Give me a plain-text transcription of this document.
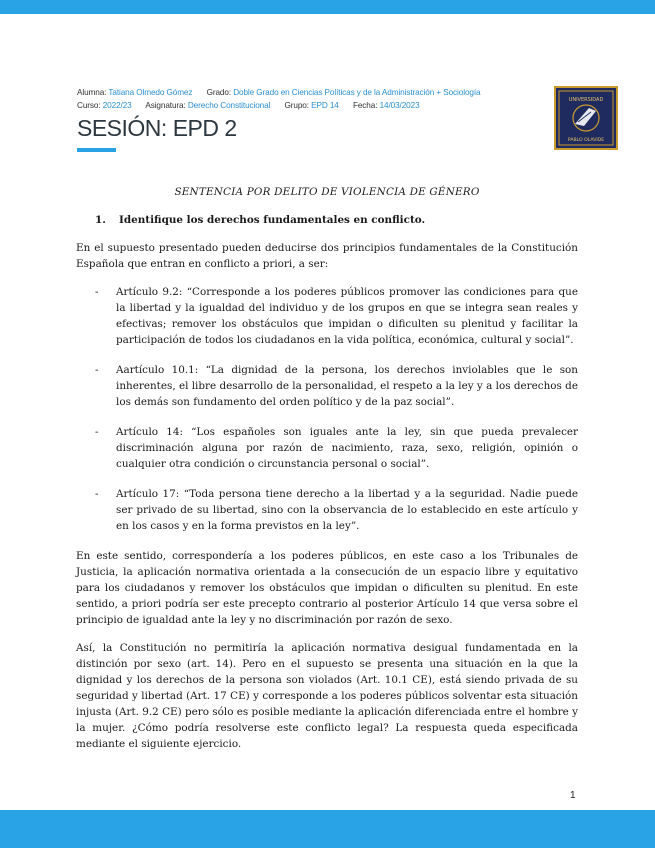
Alumna: Tatiana Olmedo Gómez Grado: Doble Grado en Ciencias Políticas y de la Administración + Sociología
Curso: 2022/23 Asignatura: Derecho Constitucional Grupo: EPD 14 Fecha: 14/03/2023
SESIÓN: EPD 2
UNIVERSIDAD
PABLO OLAVIDE
SENTENCIA POR DELITO DE VIOLENCIA DE GÉNERO
1.	Identifique los derechos fundamentales en conflicto.

En el supuesto presentado pueden deducirse dos principios fundamentales de la Constitución Española que entran en conflicto a priori, a ser:

-	Artículo 9.2: “Corresponde a los poderes públicos promover las condiciones para que la libertad y la igualdad del individuo y de los grupos en que se integra sean reales y efectivas; remover los obstáculos que impidan o dificulten su plenitud y facilitar la participación de todos los ciudadanos en la vida política, económica, cultural y social”.
-	Aartículo 10.1: “La dignidad de la persona, los derechos inviolables que le son inherentes, el libre desarrollo de la personalidad, el respeto a la ley y a los derechos de los demás son fundamento del orden político y de la paz social”.
-	Artículo 14: “Los españoles son iguales ante la ley, sin que pueda prevalecer discriminación alguna por razón de nacimiento, raza, sexo, religión, opinión o cualquier otra condición o circunstancia personal o social”.
-	Artículo 17: “Toda persona tiene derecho a la libertad y a la seguridad. Nadie puede ser privado de su libertad, sino con la observancia de lo establecido en este artículo y en los casos y en la forma previstos en la ley”.

En este sentido, correspondería a los poderes públicos, en este caso a los Tribunales de Justicia, la aplicación normativa orientada a la consecución de un espacio libre y equitativo para los ciudadanos y remover los obstáculos que impidan o dificulten su plenitud. En este sentido, a priori podría ser este precepto contrario al posterior Artículo 14 que versa sobre el principio de igualdad ante la ley y no discriminación por razón de sexo.

Así, la Constitución no permitiría la aplicación normativa desigual fundamentada en la distinción por sexo (art. 14). Pero en el supuesto se presenta una situación en la que la dignidad y los derechos de la persona son violados (Art. 10.1 CE), está siendo privada de su seguridad y libertad (Art. 17 CE) y corresponde a los poderes públicos solventar esta situación injusta (Art. 9.2 CE) pero sólo es posible mediante la aplicación diferenciada entre el hombre y la mujer. ¿Cómo podría resolverse este conflicto legal? La respuesta queda especificada mediante el siguiente ejercicio.

1
